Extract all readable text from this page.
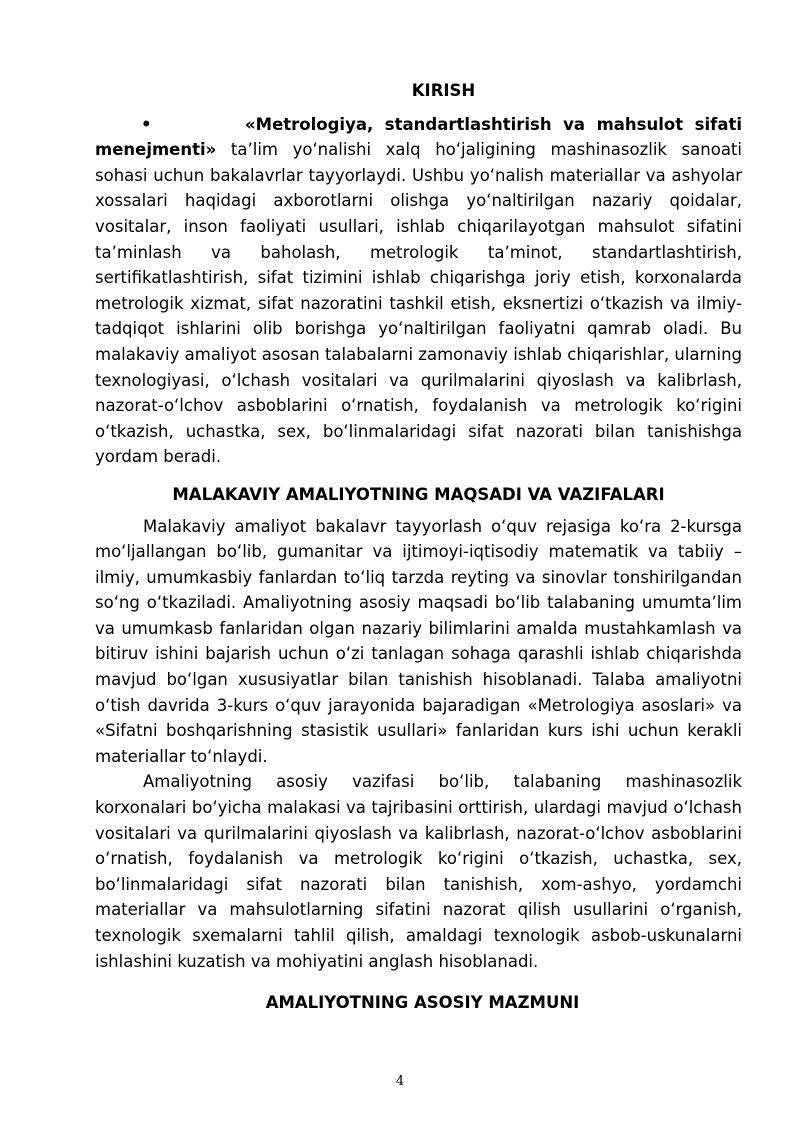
KIRISH

•	«Metrologiya, standartlashtirish va mahsulot sifati menejmenti» taʼlim yoʻnalishi xalq hoʻjaligining mashinasozlik sanoati sohasi uchun bakalavrlar tayyorlaydi. Ushbu yoʻnalish materiallar va ashyolar xossalari haqidagi axborotlarni olishga yoʻnaltirilgan nazariy qoidalar, vositalar, inson faoliyati usullari, ishlab chiqarilayotgan mahsulot sifatini taʼminlash va baholash, metrologik taʼminot, standartlashtirish, sertifikatlashtirish, sifat tizimini ishlab chiqarishga joriy etish, korxonalarda metrologik xizmat, sifat nazoratini tashkil etish, eksпertizi oʻtkazish va ilmiy-tadqiqot ishlarini olib borishga yoʻnaltirilgan faoliyatni qamrab oladi. Bu malakaviy amaliyot asosan talabalarni zamonaviy ishlab chiqarishlar, ularning texnologiyasi, oʻlchash vositalari va qurilmalarini qiyoslash va kalibrlash, nazorat-oʻlchov asboblarini oʻrnatish, foydalanish va metrologik koʻrigini oʻtkazish, uchastka, sex, boʻlinmalaridagi sifat nazorati bilan tanishishga yordam beradi.

MALAKAVIY AMALIYOTNING MAQSADI VA VAZIFALARI

Malakaviy amaliyot bakalavr tayyorlash oʻquv rejasiga koʻra 2-kursga moʻljallangan boʻlib, gumanitar va ijtimoyi-iqtisodiy matematik va tabiiy – ilmiy, umumkasbiy fanlardan toʻliq tarzda reyting va sinovlar tonshirilgandan soʻng oʻtkaziladi. Amaliyotning asosiy maqsadi boʻlib talabaning umumtaʼlim va umumkasb fanlaridan olgan nazariy bilimlarini amalda mustahkamlash va bitiruv ishini bajarish uchun oʻzi tanlagan sohaga qarashli ishlab chiqarishda mavjud boʻlgan xususiyatlar bilan tanishish hisoblanadi. Talaba amaliyotni oʻtish davrida 3-kurs oʻquv jarayonida bajaradigan «Metrologiya asoslari» va «Sifatni boshqarishning stasistik usullari» fanlaridan kurs ishi uchun kerakli materiallar toʻnlaydi.

Amaliyotning asosiy vazifasi boʻlib, talabaning mashinasozlik korxonalari boʻyicha malakasi va tajribasini orttirish, ulardagi mavjud oʻlchash vositalari va qurilmalarini qiyoslash va kalibrlash, nazorat-oʻlchov asboblarini oʻrnatish, foydalanish va metrologik koʻrigini oʻtkazish, uchastka, sex, boʻlinmalaridagi sifat nazorati bilan tanishish, xom-ashyo, yordamchi materiallar va mahsulotlarning sifatini nazorat qilish usullarini oʻrganish, texnologik sxemalarni tahlil qilish, amaldagi texnologik asbob-uskunalarni ishlashini kuzatish va mohiyatini anglash hisoblanadi.

AMALIYOTNING ASOSIY MAZMUNI
4
